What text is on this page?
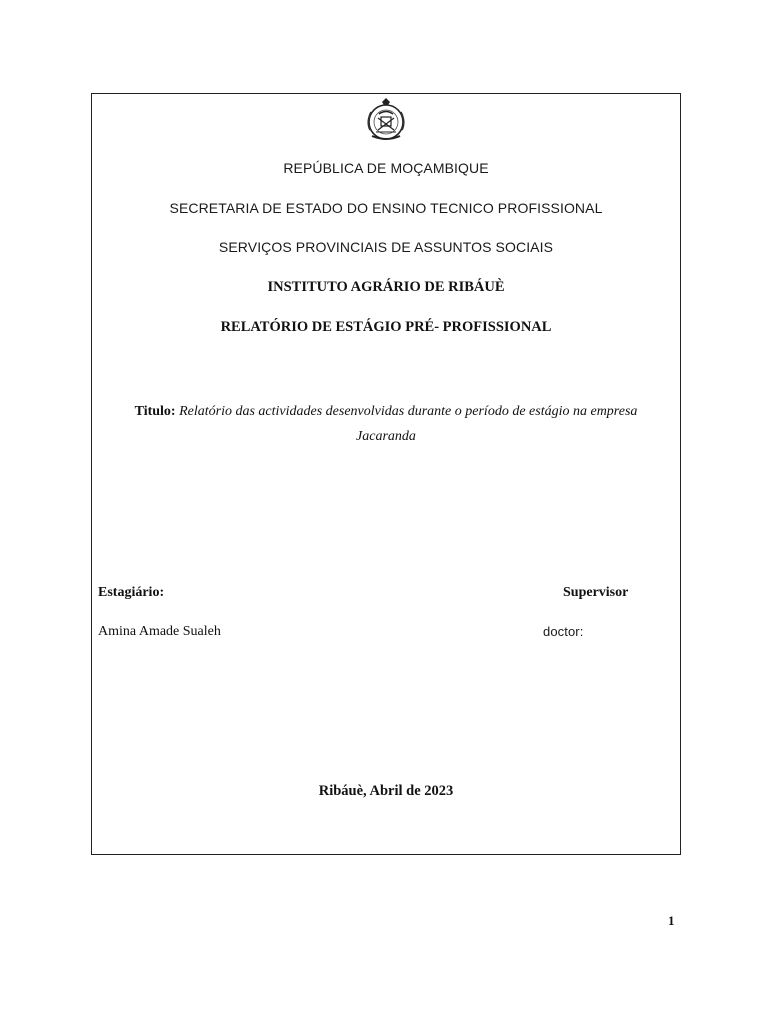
REPÚBLICA DE MOÇAMBIQUE
SECRETARIA DE ESTADO DO ENSINO TECNICO PROFISSIONAL
SERVIÇOS PROVINCIAIS DE ASSUNTOS SOCIAIS
INSTITUTO AGRÁRIO DE RIBÁUÈ
RELATÓRIO DE ESTÁGIO PRÉ- PROFISSIONAL
Titulo: Relatório das actividades desenvolvidas durante o período de estágio na empresa
Jacaranda
Estagiário:	Supervisor
Amina Amade Sualeh	doctor:
Ribáuè, Abril de 2023
1
